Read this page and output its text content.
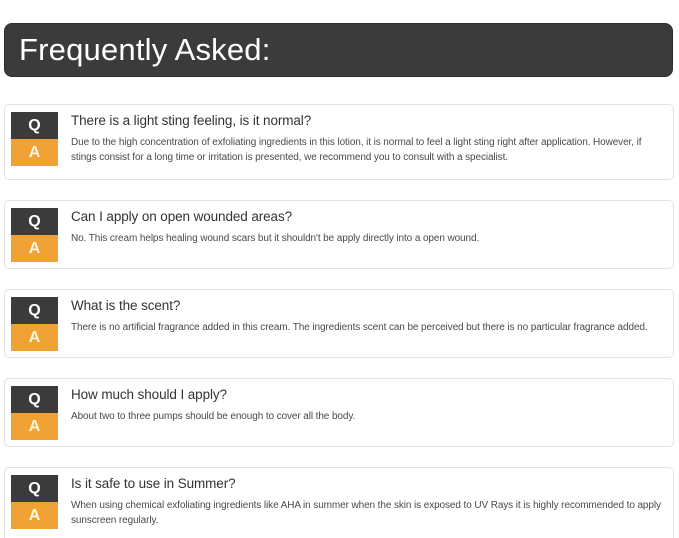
Frequently Asked:
Q
A

There is a light sting feeling, is it normal?

Due to the high concentration of exfoliating ingredients in this lotion, it is normal to feel a light sting right after application. However, if stings consist for a long time or irritation is presented, we recommend you to consult with a specialist.

Q
A

Can I apply on open wounded areas?

No. This cream helps healing wound scars but it shouldn't be apply directly into a open wound.

Q
A

What is the scent?

There is no artificial fragrance added in this cream. The ingredients scent can be perceived but there is no particular fragrance added.

Q
A

How much should I apply?

About two to three pumps should be enough to cover all the body.

Q
A

Is it safe to use in Summer?

When using chemical exfoliating ingredients like AHA in summer when the skin is exposed to UV Rays it is highly recommended to apply sunscreen regularly.
